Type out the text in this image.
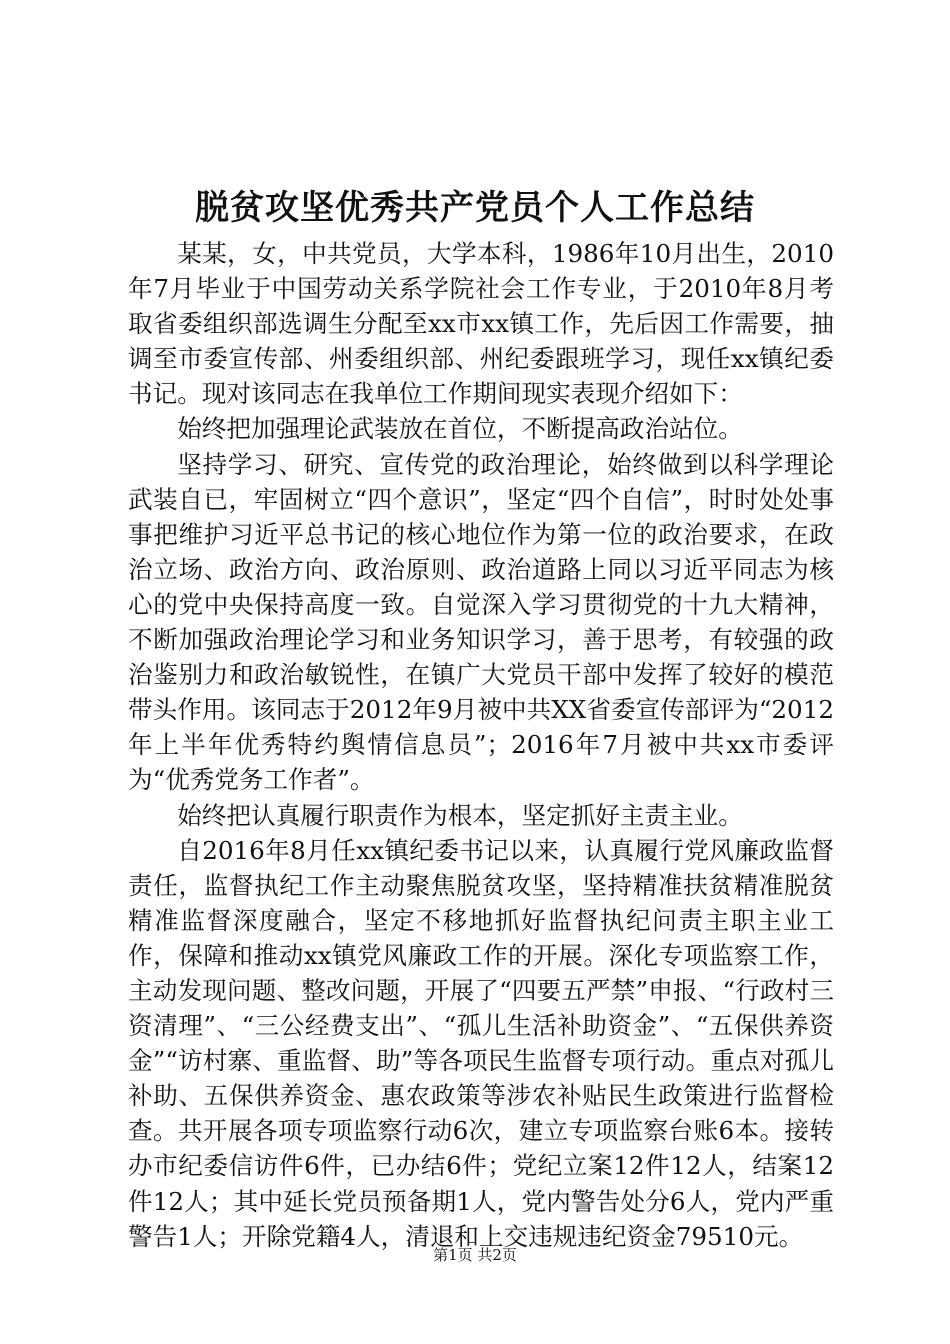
脱贫攻坚优秀共产党员个人工作总结

某某，女，中共党员，大学本科，1986年10月出生，2010年7月毕业于中国劳动关系学院社会工作专业，于2010年8月考取省委组织部选调生分配至xx市xx镇工作，先后因工作需要，抽调至市委宣传部、州委组织部、州纪委跟班学习，现任xx镇纪委书记。现对该同志在我单位工作期间现实表现介绍如下：

始终把加强理论武装放在首位，不断提高政治站位。

坚持学习、研究、宣传党的政治理论，始终做到以科学理论武装自已，牢固树立“四个意识”，坚定“四个自信”，时时处处事事把维护习近平总书记的核心地位作为第一位的政治要求，在政治立场、政治方向、政治原则、政治道路上同以习近平同志为核心的党中央保持高度一致。自觉深入学习贯彻党的十九大精神，不断加强政治理论学习和业务知识学习，善于思考，有较强的政治鉴别力和政治敏锐性，在镇广大党员干部中发挥了较好的模范带头作用。该同志于2012年9月被中共XX省委宣传部评为“2012年上半年优秀特约舆情信息员”；2016年7月被中共xx市委评为“优秀党务工作者”。

始终把认真履行职责作为根本，坚定抓好主责主业。

自2016年8月任xx镇纪委书记以来，认真履行党风廉政监督责任，监督执纪工作主动聚焦脱贫攻坚，坚持精准扶贫精准脱贫精准监督深度融合，坚定不移地抓好监督执纪问责主职主业工作，保障和推动xx镇党风廉政工作的开展。深化专项监察工作，主动发现问题、整改问题，开展了“四要五严禁”申报、“行政村三资清理”、“三公经费支出”、“孤儿生活补助资金”、“五保供养资金”“访村寨、重监督、助”等各项民生监督专项行动。重点对孤儿补助、五保供养资金、惠农政策等涉农补贴民生政策进行监督检查。共开展各项专项监察行动6次，建立专项监察台账6本。接转办市纪委信访件6件，已办结6件；党纪立案12件12人，结案12件12人；其中延长党员预备期1人，党内警告处分6人，党内严重警告1人；开除党籍4人，清退和上交违规违纪资金79510元。

第1页 共2页
